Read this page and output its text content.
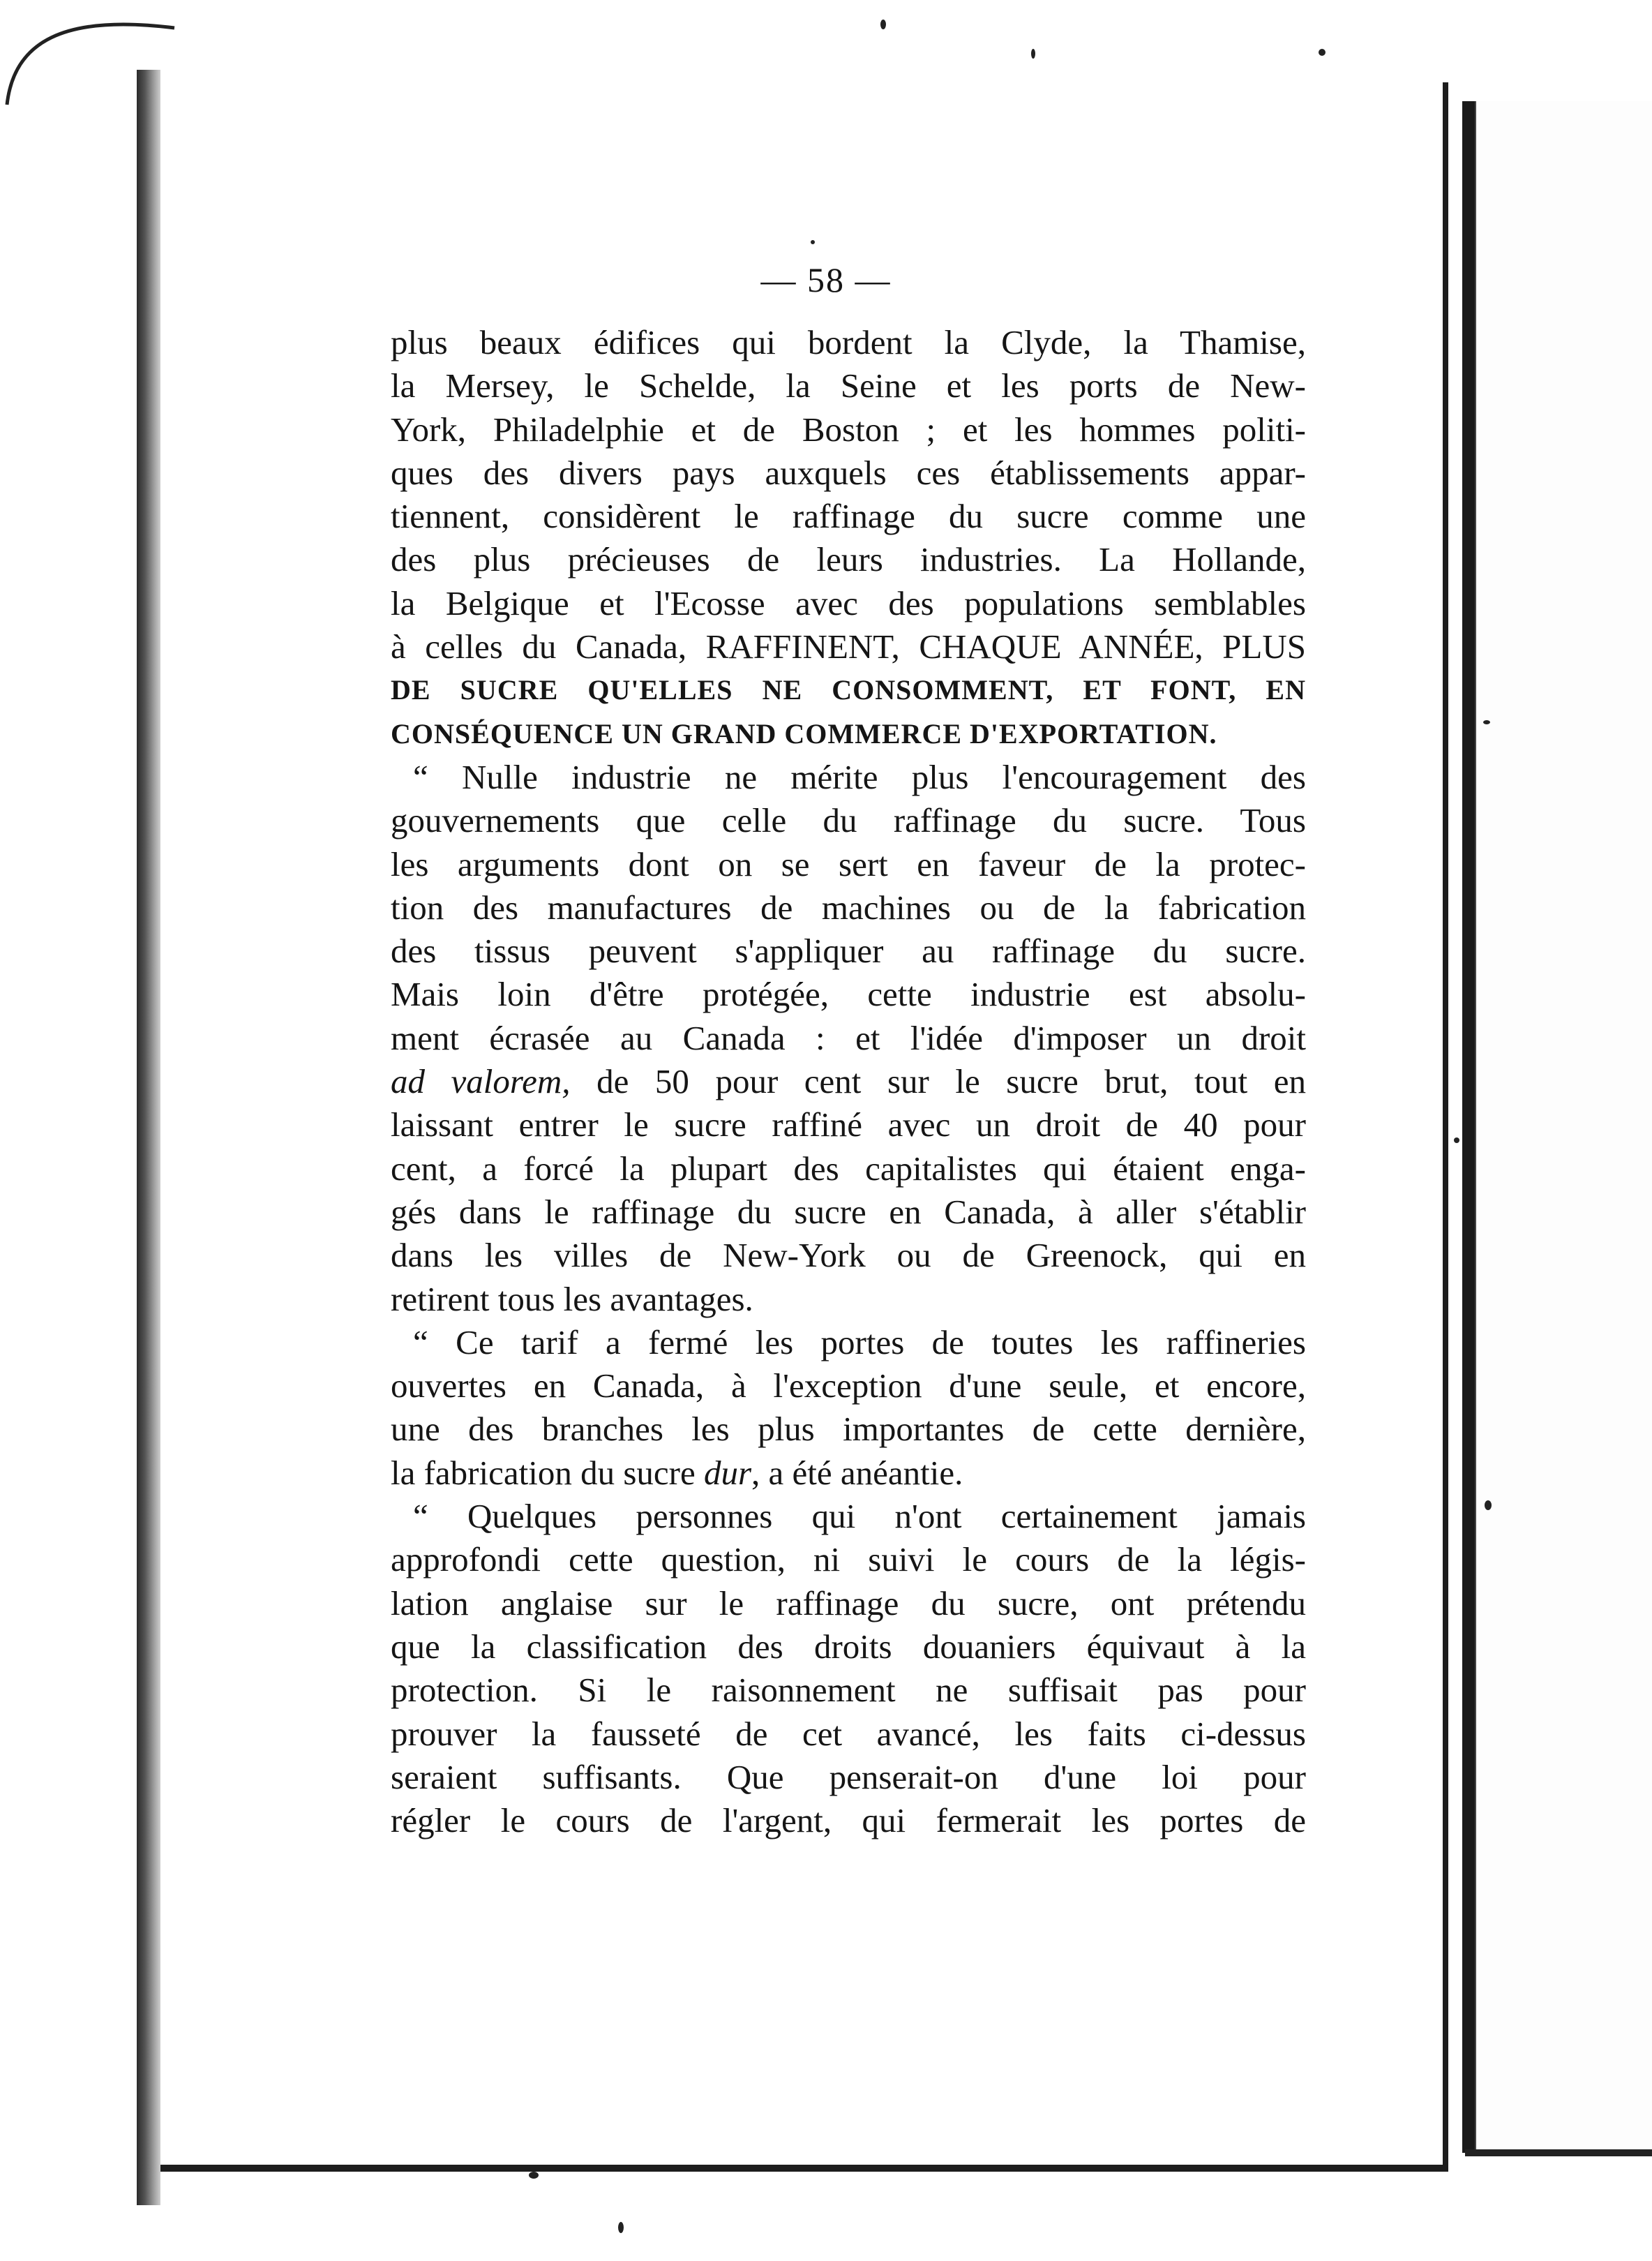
— 58 —
plus beaux édifices qui bordent la Clyde, la Thamise,
la Mersey, le Schelde, la Seine et les ports de New-
York, Philadelphie et de Boston ; et les hommes politi-
ques des divers pays auxquels ces établissements appar-
tiennent, considèrent le raffinage du sucre comme une
des plus précieuses de leurs industries. La Hollande,
la Belgique et l'Ecosse avec des populations semblables
à celles du Canada, RAFFINENT, CHAQUE ANNÉE, PLUS
DE SUCRE QU'ELLES NE CONSOMMENT, ET FONT, EN
CONSÉQUENCE UN GRAND COMMERCE D'EXPORTATION.
“ Nulle industrie ne mérite plus l'encouragement des
gouvernements que celle du raffinage du sucre. Tous
les arguments dont on se sert en faveur de la protec-
tion des manufactures de machines ou de la fabrication
des tissus peuvent s'appliquer au raffinage du sucre.
Mais loin d'être protégée, cette industrie est absolu-
ment écrasée au Canada : et l'idée d'imposer un droit
ad valorem, de 50 pour cent sur le sucre brut, tout en
laissant entrer le sucre raffiné avec un droit de 40 pour
cent, a forcé la plupart des capitalistes qui étaient enga-
gés dans le raffinage du sucre en Canada, à aller s'établir
dans les villes de New-York ou de Greenock, qui en
retirent tous les avantages.
“ Ce tarif a fermé les portes de toutes les raffineries
ouvertes en Canada, à l'exception d'une seule, et encore,
une des branches les plus importantes de cette dernière,
la fabrication du sucre dur, a été anéantie.
“ Quelques personnes qui n'ont certainement jamais
approfondi cette question, ni suivi le cours de la légis-
lation anglaise sur le raffinage du sucre, ont prétendu
que la classification des droits douaniers équivaut à la
protection. Si le raisonnement ne suffisait pas pour
prouver la fausseté de cet avancé, les faits ci-dessus
seraient suffisants. Que penserait-on d'une loi pour
régler le cours de l'argent, qui fermerait les portes de
